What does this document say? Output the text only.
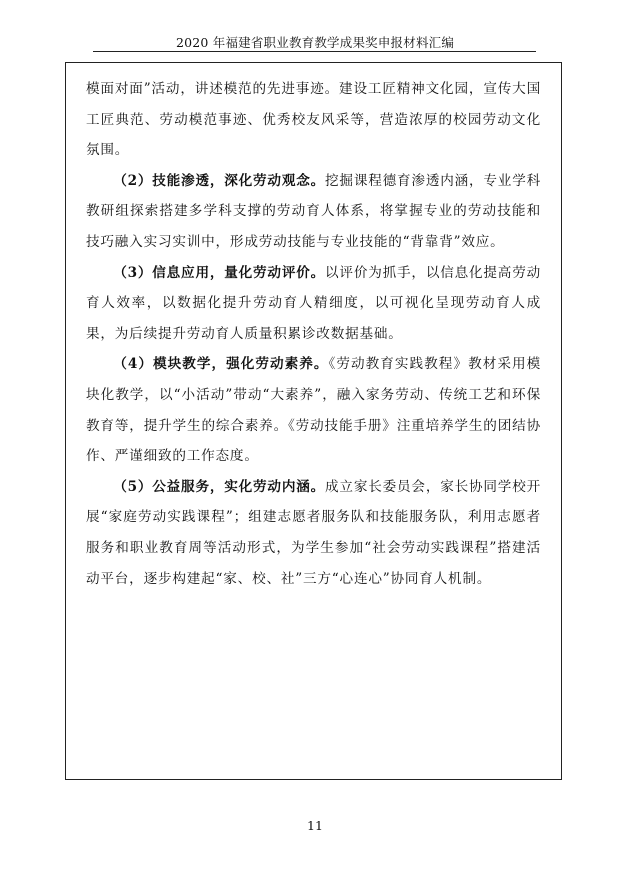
2020 年福建省职业教育教学成果奖申报材料汇编

模面对面”活动，讲述模范的先进事迹。建设工匠精神文化园，宣传大国工匠典范、劳动模范事迹、优秀校友风采等，营造浓厚的校园劳动文化氛围。

（2）技能渗透，深化劳动观念。挖掘课程德育渗透内涵，专业学科教研组探索搭建多学科支撑的劳动育人体系，将掌握专业的劳动技能和技巧融入实习实训中，形成劳动技能与专业技能的“背靠背”效应。

（3）信息应用，量化劳动评价。以评价为抓手，以信息化提高劳动育人效率，以数据化提升劳动育人精细度，以可视化呈现劳动育人成果，为后续提升劳动育人质量积累诊改数据基础。

（4）模块教学，强化劳动素养。《劳动教育实践教程》教材采用模块化教学，以“小活动”带动“大素养”，融入家务劳动、传统工艺和环保教育等，提升学生的综合素养。《劳动技能手册》注重培养学生的团结协作、严谨细致的工作态度。

（5）公益服务，实化劳动内涵。成立家长委员会，家长协同学校开展“家庭劳动实践课程”；组建志愿者服务队和技能服务队，利用志愿者服务和职业教育周等活动形式，为学生参加“社会劳动实践课程”搭建活动平台，逐步构建起“家、校、社”三方“心连心”协同育人机制。

11
